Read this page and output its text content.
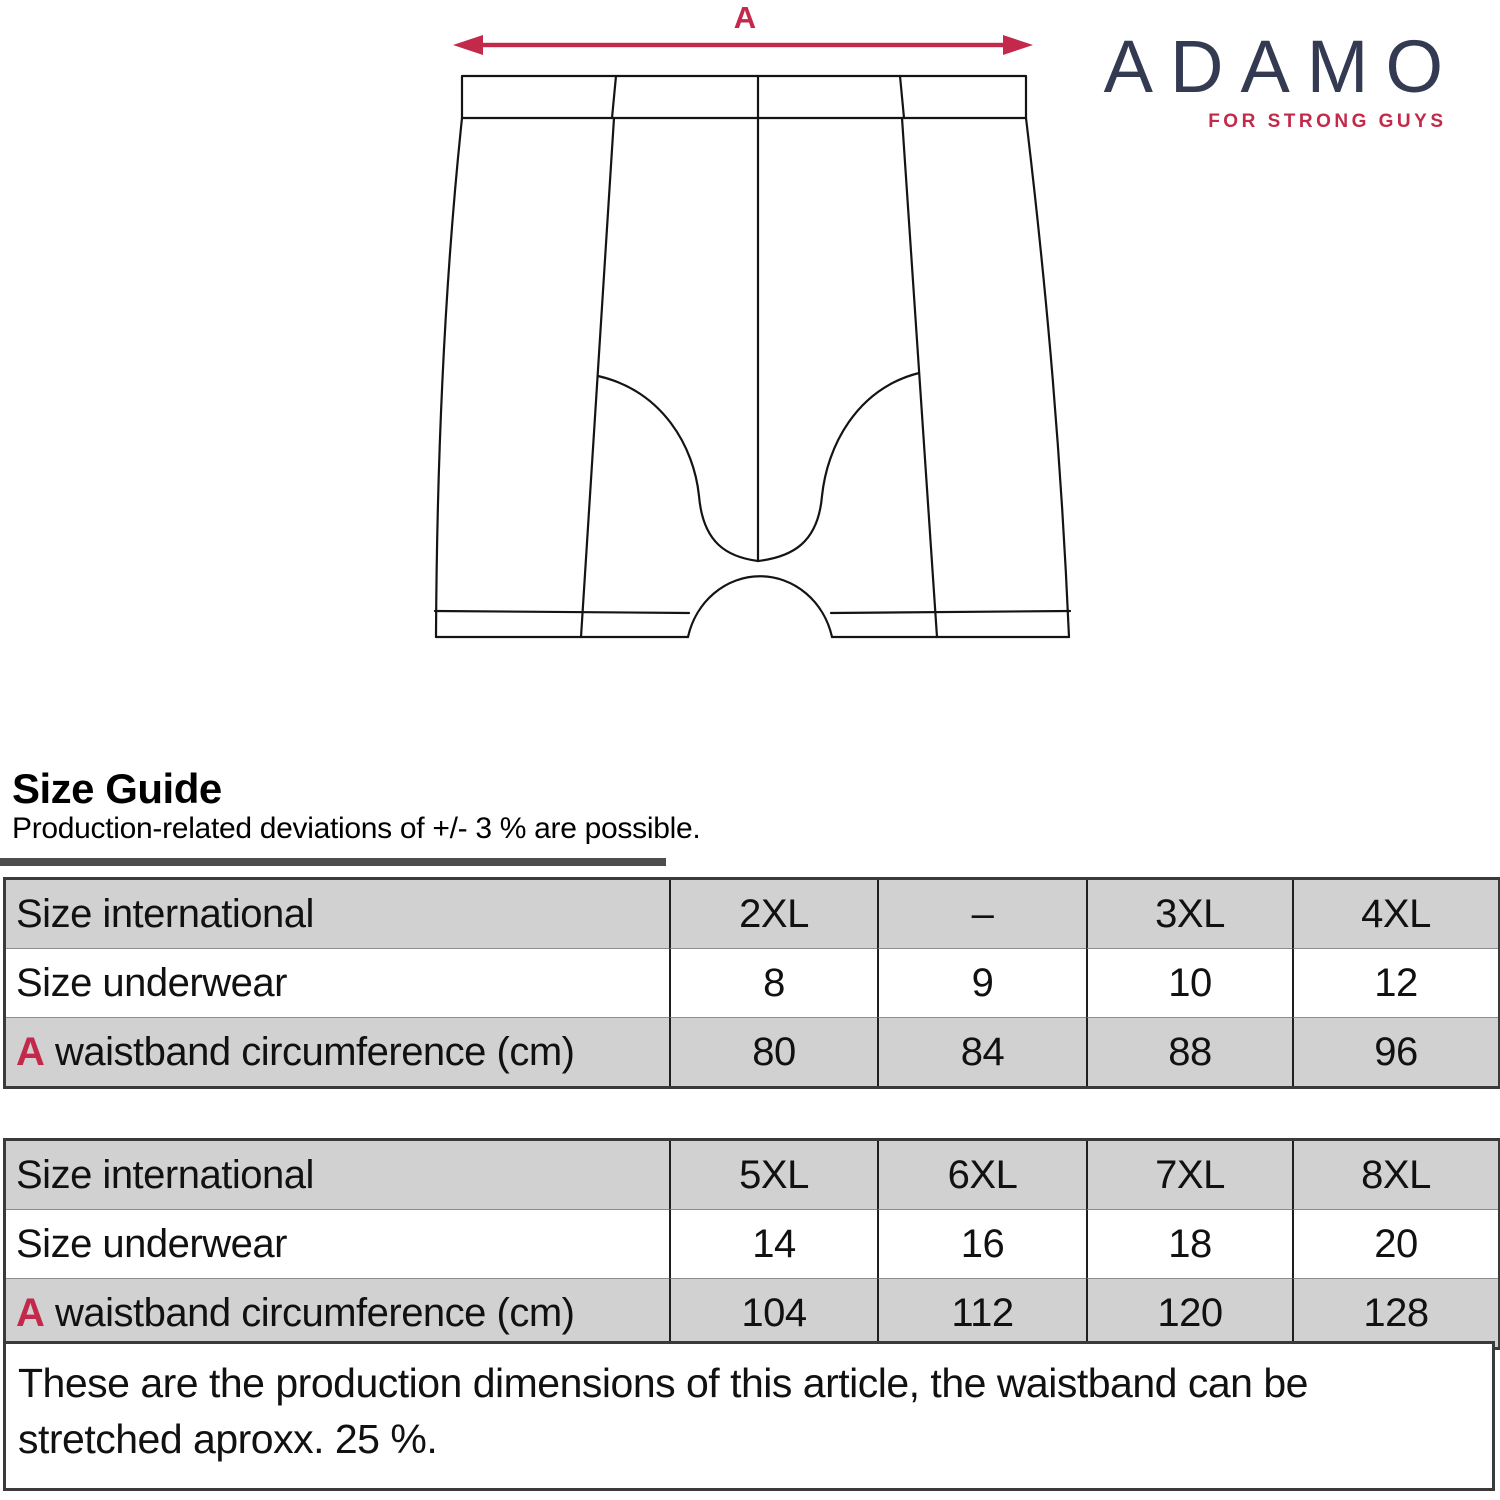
A
ADAMO
FOR STRONG GUYS
Size Guide

Production-related deviations of +/- 3 % are possible.

Size international	2XL	–	3XL	4XL
Size underwear	8	9	10	12
A waistband circumference (cm)	80	84	88	96
Size international	5XL	6XL	7XL	8XL
Size underwear	14	16	18	20
A waistband circumference (cm)	104	112	120	128
These are the production dimensions of this article, the waistband can be stretched aproxx. 25 %.
